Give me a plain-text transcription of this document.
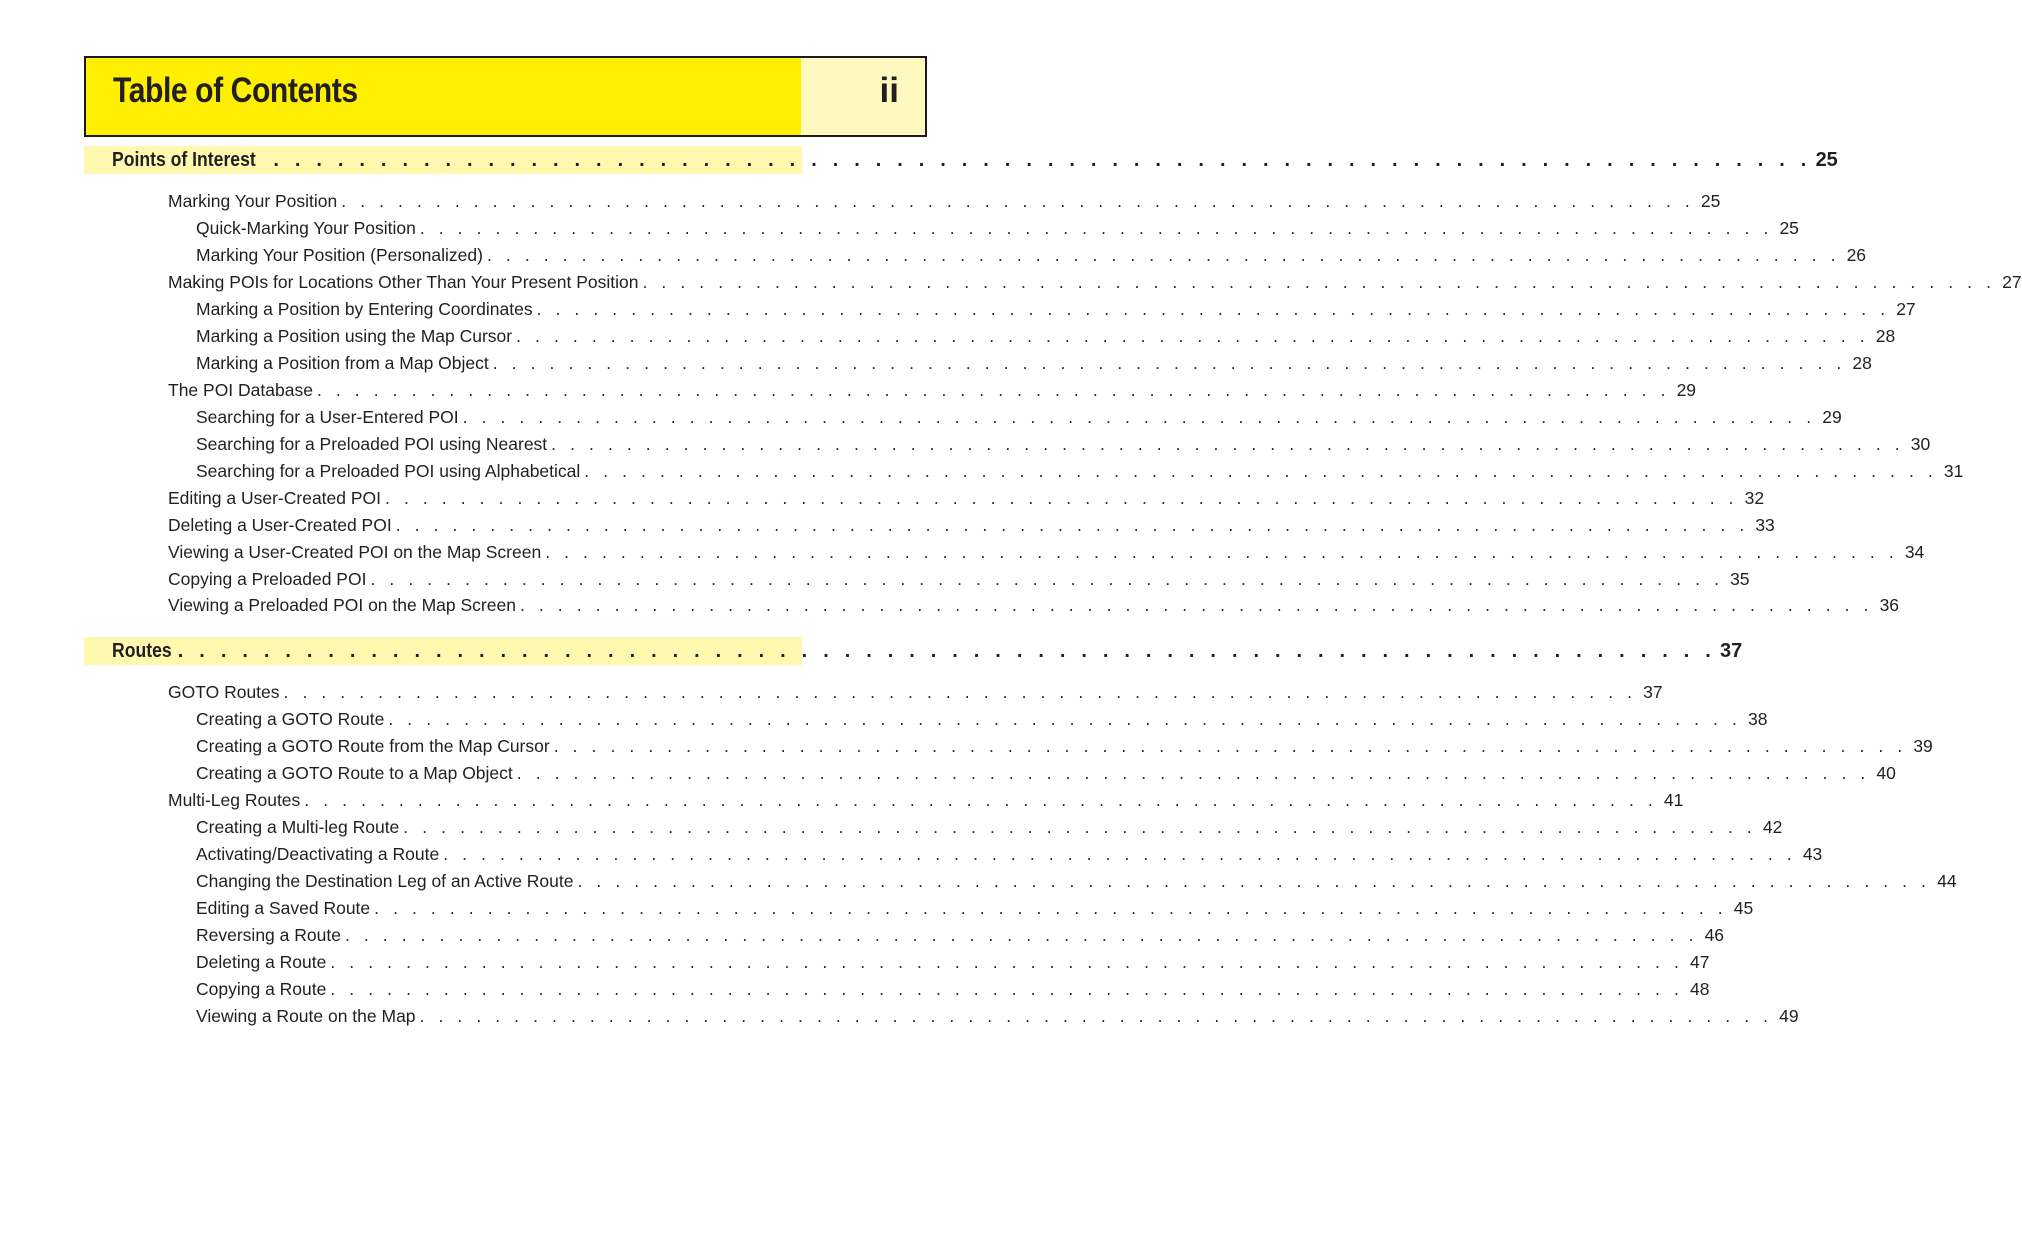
Table of Contents	ii
Points of Interest . . . . . . . . . . . . . . . . . . . . . . . . . . . . . . . . . . . . . . . . . . . . . . . . . . . . . . . . . . . . . . . . . . . . . . . . 25
Marking Your Position . . . . . . . . . . . . . . . . . . . . . . . . . . . . . . . . . . . . . . . . . . . . . . . . . . . . . . . . . . . . . . . . . . . . . . . . 25
Quick-Marking Your Position . . . . . . . . . . . . . . . . . . . . . . . . . . . . . . . . . . . . . . . . . . . . . . . . . . . . . . . . . . . . . . . . . . . . . . . . 25
Marking Your Position (Personalized) . . . . . . . . . . . . . . . . . . . . . . . . . . . . . . . . . . . . . . . . . . . . . . . . . . . . . . . . . . . . . . . . . . . . . . . . 26
Making POIs for Locations Other Than Your Present Position . . . . . . . . . . . . . . . . . . . . . . . . . . . . . . . . . . . . . . . . . . . . . . . . . . . . . . . . . . . . . . . . . . . . . . . . 27
Marking a Position by Entering Coordinates . . . . . . . . . . . . . . . . . . . . . . . . . . . . . . . . . . . . . . . . . . . . . . . . . . . . . . . . . . . . . . . . . . . . . . . . 27
Marking a Position using the Map Cursor . . . . . . . . . . . . . . . . . . . . . . . . . . . . . . . . . . . . . . . . . . . . . . . . . . . . . . . . . . . . . . . . . . . . . . . . 28
Marking a Position from a Map Object . . . . . . . . . . . . . . . . . . . . . . . . . . . . . . . . . . . . . . . . . . . . . . . . . . . . . . . . . . . . . . . . . . . . . . . . 28
The POI Database . . . . . . . . . . . . . . . . . . . . . . . . . . . . . . . . . . . . . . . . . . . . . . . . . . . . . . . . . . . . . . . . . . . . . . . . 29
Searching for a User-Entered POI . . . . . . . . . . . . . . . . . . . . . . . . . . . . . . . . . . . . . . . . . . . . . . . . . . . . . . . . . . . . . . . . . . . . . . . . 29
Searching for a Preloaded POI using Nearest . . . . . . . . . . . . . . . . . . . . . . . . . . . . . . . . . . . . . . . . . . . . . . . . . . . . . . . . . . . . . . . . . . . . . . . . 30
Searching for a Preloaded POI using Alphabetical . . . . . . . . . . . . . . . . . . . . . . . . . . . . . . . . . . . . . . . . . . . . . . . . . . . . . . . . . . . . . . . . . . . . . . . . 31
Editing a User-Created POI . . . . . . . . . . . . . . . . . . . . . . . . . . . . . . . . . . . . . . . . . . . . . . . . . . . . . . . . . . . . . . . . . . . . . . . . 32
Deleting a User-Created POI . . . . . . . . . . . . . . . . . . . . . . . . . . . . . . . . . . . . . . . . . . . . . . . . . . . . . . . . . . . . . . . . . . . . . . . . 33
Viewing a User-Created POI on the Map Screen . . . . . . . . . . . . . . . . . . . . . . . . . . . . . . . . . . . . . . . . . . . . . . . . . . . . . . . . . . . . . . . . . . . . . . . . 34
Copying a Preloaded POI . . . . . . . . . . . . . . . . . . . . . . . . . . . . . . . . . . . . . . . . . . . . . . . . . . . . . . . . . . . . . . . . . . . . . . . . 35
Viewing a Preloaded POI on the Map Screen . . . . . . . . . . . . . . . . . . . . . . . . . . . . . . . . . . . . . . . . . . . . . . . . . . . . . . . . . . . . . . . . . . . . . . . . 36
Routes . . . . . . . . . . . . . . . . . . . . . . . . . . . . . . . . . . . . . . . . . . . . . . . . . . . . . . . . . . . . . . . . . . . . . . . . 37
GOTO Routes . . . . . . . . . . . . . . . . . . . . . . . . . . . . . . . . . . . . . . . . . . . . . . . . . . . . . . . . . . . . . . . . . . . . . . . . 37
Creating a GOTO Route . . . . . . . . . . . . . . . . . . . . . . . . . . . . . . . . . . . . . . . . . . . . . . . . . . . . . . . . . . . . . . . . . . . . . . . . 38
Creating a GOTO Route from the Map Cursor . . . . . . . . . . . . . . . . . . . . . . . . . . . . . . . . . . . . . . . . . . . . . . . . . . . . . . . . . . . . . . . . . . . . . . . . 39
Creating a GOTO Route to a Map Object . . . . . . . . . . . . . . . . . . . . . . . . . . . . . . . . . . . . . . . . . . . . . . . . . . . . . . . . . . . . . . . . . . . . . . . . 40
Multi-Leg Routes . . . . . . . . . . . . . . . . . . . . . . . . . . . . . . . . . . . . . . . . . . . . . . . . . . . . . . . . . . . . . . . . . . . . . . . . 41
Creating a Multi-leg Route . . . . . . . . . . . . . . . . . . . . . . . . . . . . . . . . . . . . . . . . . . . . . . . . . . . . . . . . . . . . . . . . . . . . . . . . 42
Activating/Deactivating a Route . . . . . . . . . . . . . . . . . . . . . . . . . . . . . . . . . . . . . . . . . . . . . . . . . . . . . . . . . . . . . . . . . . . . . . . . 43
Changing the Destination Leg of an Active Route . . . . . . . . . . . . . . . . . . . . . . . . . . . . . . . . . . . . . . . . . . . . . . . . . . . . . . . . . . . . . . . . . . . . . . . . 44
Editing a Saved Route . . . . . . . . . . . . . . . . . . . . . . . . . . . . . . . . . . . . . . . . . . . . . . . . . . . . . . . . . . . . . . . . . . . . . . . . 45
Reversing a Route . . . . . . . . . . . . . . . . . . . . . . . . . . . . . . . . . . . . . . . . . . . . . . . . . . . . . . . . . . . . . . . . . . . . . . . . 46
Deleting a Route . . . . . . . . . . . . . . . . . . . . . . . . . . . . . . . . . . . . . . . . . . . . . . . . . . . . . . . . . . . . . . . . . . . . . . . . 47
Copying a Route . . . . . . . . . . . . . . . . . . . . . . . . . . . . . . . . . . . . . . . . . . . . . . . . . . . . . . . . . . . . . . . . . . . . . . . . 48
Viewing a Route on the Map . . . . . . . . . . . . . . . . . . . . . . . . . . . . . . . . . . . . . . . . . . . . . . . . . . . . . . . . . . . . . . . . . . . . . . . . 49
